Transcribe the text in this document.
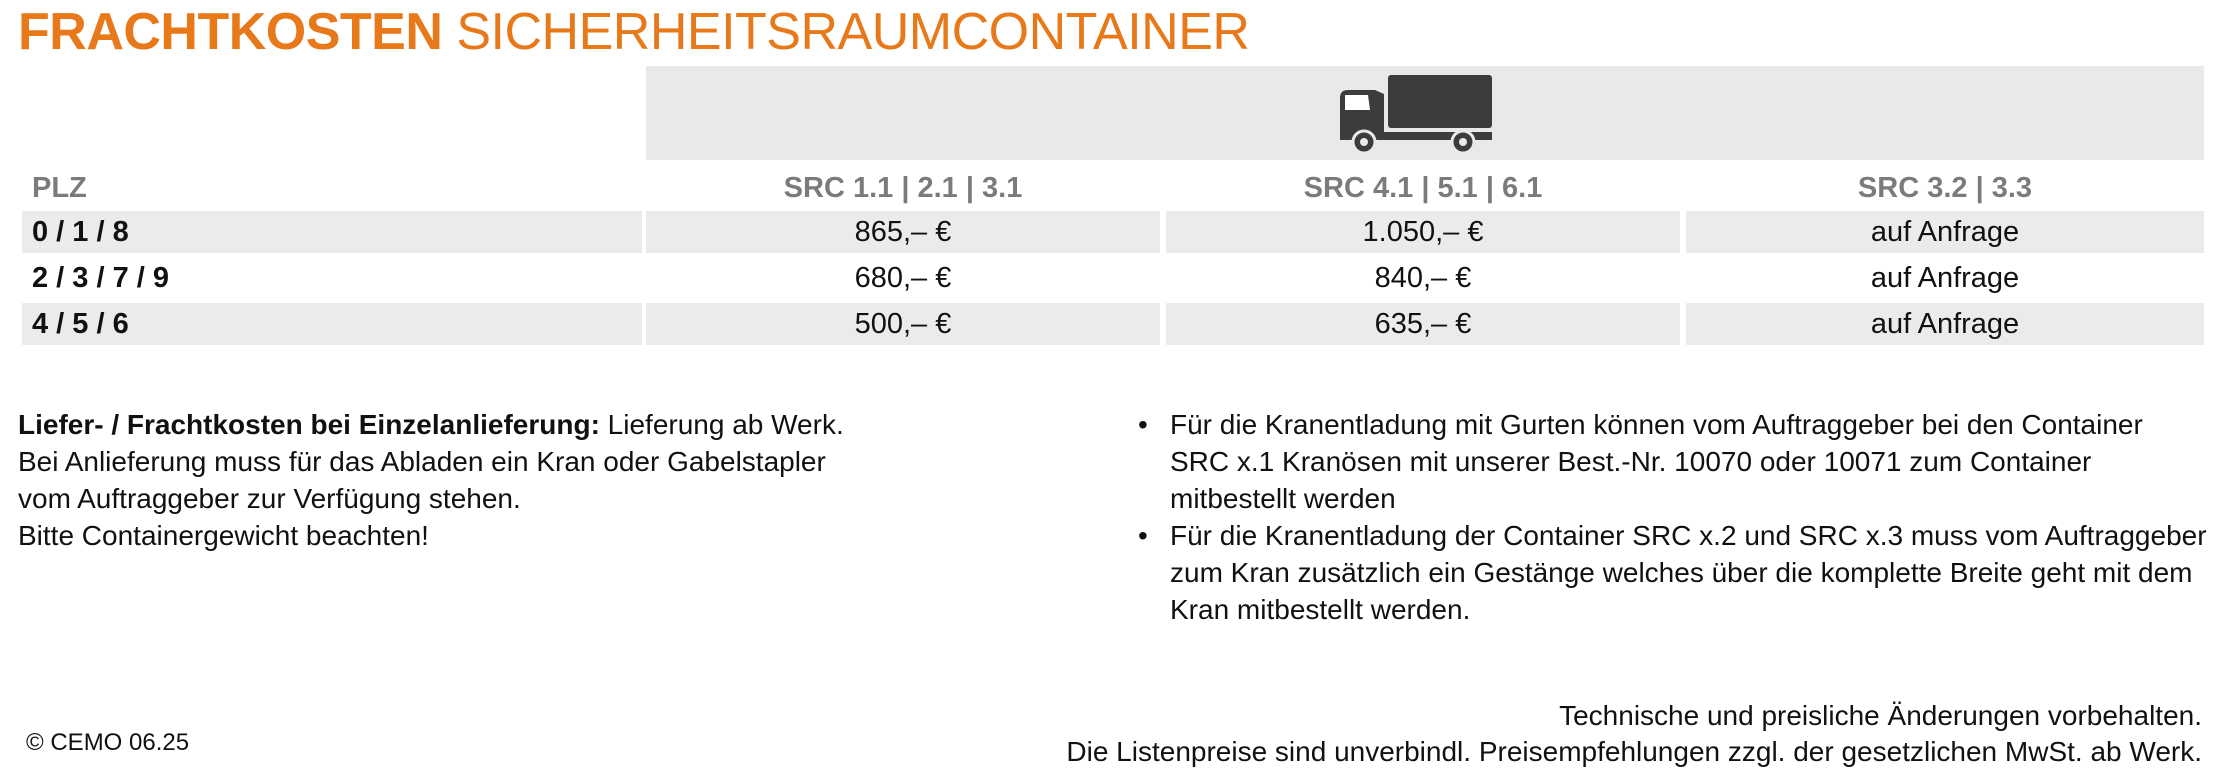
FRACHTKOSTEN SICHERHEITSRAUMCONTAINER
PLZ	SRC 1.1 | 2.1 | 3.1	SRC 4.1 | 5.1 | 6.1	SRC 3.2 | 3.3
0 / 1 / 8	865,– €	1.050,– €	auf Anfrage
2 / 3 / 7 / 9	680,– €	840,– €	auf Anfrage
4 / 5 / 6	500,– €	635,– €	auf Anfrage

Liefer- / Frachtkosten bei Einzelanlieferung: Lieferung ab Werk.

Bei Anlieferung muss für das Abladen ein Kran oder Gabelstapler

vom Auftraggeber zur Verfügung stehen.

Bitte Containergewicht beachten!

• Für die Kranentladung mit Gurten können vom Auftraggeber bei den Container SRC x.1 Kranösen mit unserer Best.-Nr. 10070 oder 10071 zum Container mitbestellt werden
• Für die Kranentladung der Container SRC x.2 und SRC x.3 muss vom Auftraggeber zum Kran zusätzlich ein Gestänge welches über die komplette Breite geht mit dem Kran mitbestellt werden.
© CEMO 06.25
Technische und preisliche Änderungen vorbehalten.
Die Listenpreise sind unverbindl. Preisempfehlungen zzgl. der gesetzlichen MwSt. ab Werk.
